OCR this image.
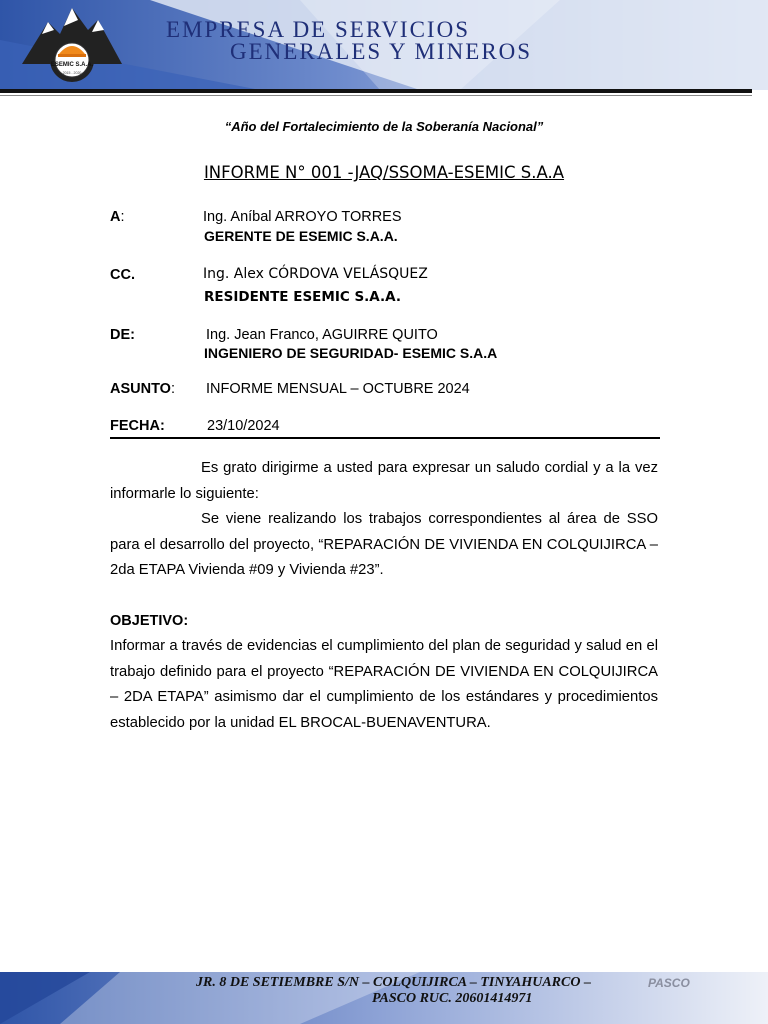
ESEMIC S.A.A.
2015 - 2020
EMPRESA DE SERVICIOS
GENERALES Y MINEROS
“Año del Fortalecimiento de la Soberanía Nacional”
INFORME N° 001 -JAQ/SSOMA-ESEMIC S.A.A
A:	Ing. Aníbal ARROYO TORRES
GERENTE DE ESEMIC S.A.A.
CC.	Ing. Alex CÓRDOVA VELÁSQUEZ
RESIDENTE ESEMIC S.A.A.
DE:	Ing. Jean Franco, AGUIRRE QUITO
INGENIERO DE SEGURIDAD- ESEMIC S.A.A
ASUNTO: INFORME MENSUAL – OCTUBRE 2024
FECHA:	23/10/2024
Es grato dirigirme a usted para expresar un saludo cordial y a la vez informarle lo siguiente:
Se viene realizando los trabajos correspondientes al área de SSO para el desarrollo del proyecto, “REPARACIÓN DE VIVIENDA EN COLQUIJIRCA – 2da ETAPA Vivienda #09 y Vivienda #23”.
OBJETIVO:
Informar a través de evidencias el cumplimiento del plan de seguridad y salud en el trabajo definido para el proyecto “REPARACIÓN DE VIVIENDA EN COLQUIJIRCA – 2DA ETAPA” asimismo dar el cumplimiento de los estándares y procedimientos establecido por la unidad EL BROCAL-BUENAVENTURA.
JR. 8 DE SETIEMBRE S/N – COLQUIJIRCA – TINYAHUARCO –	PASCO
PASCO RUC. 20601414971
